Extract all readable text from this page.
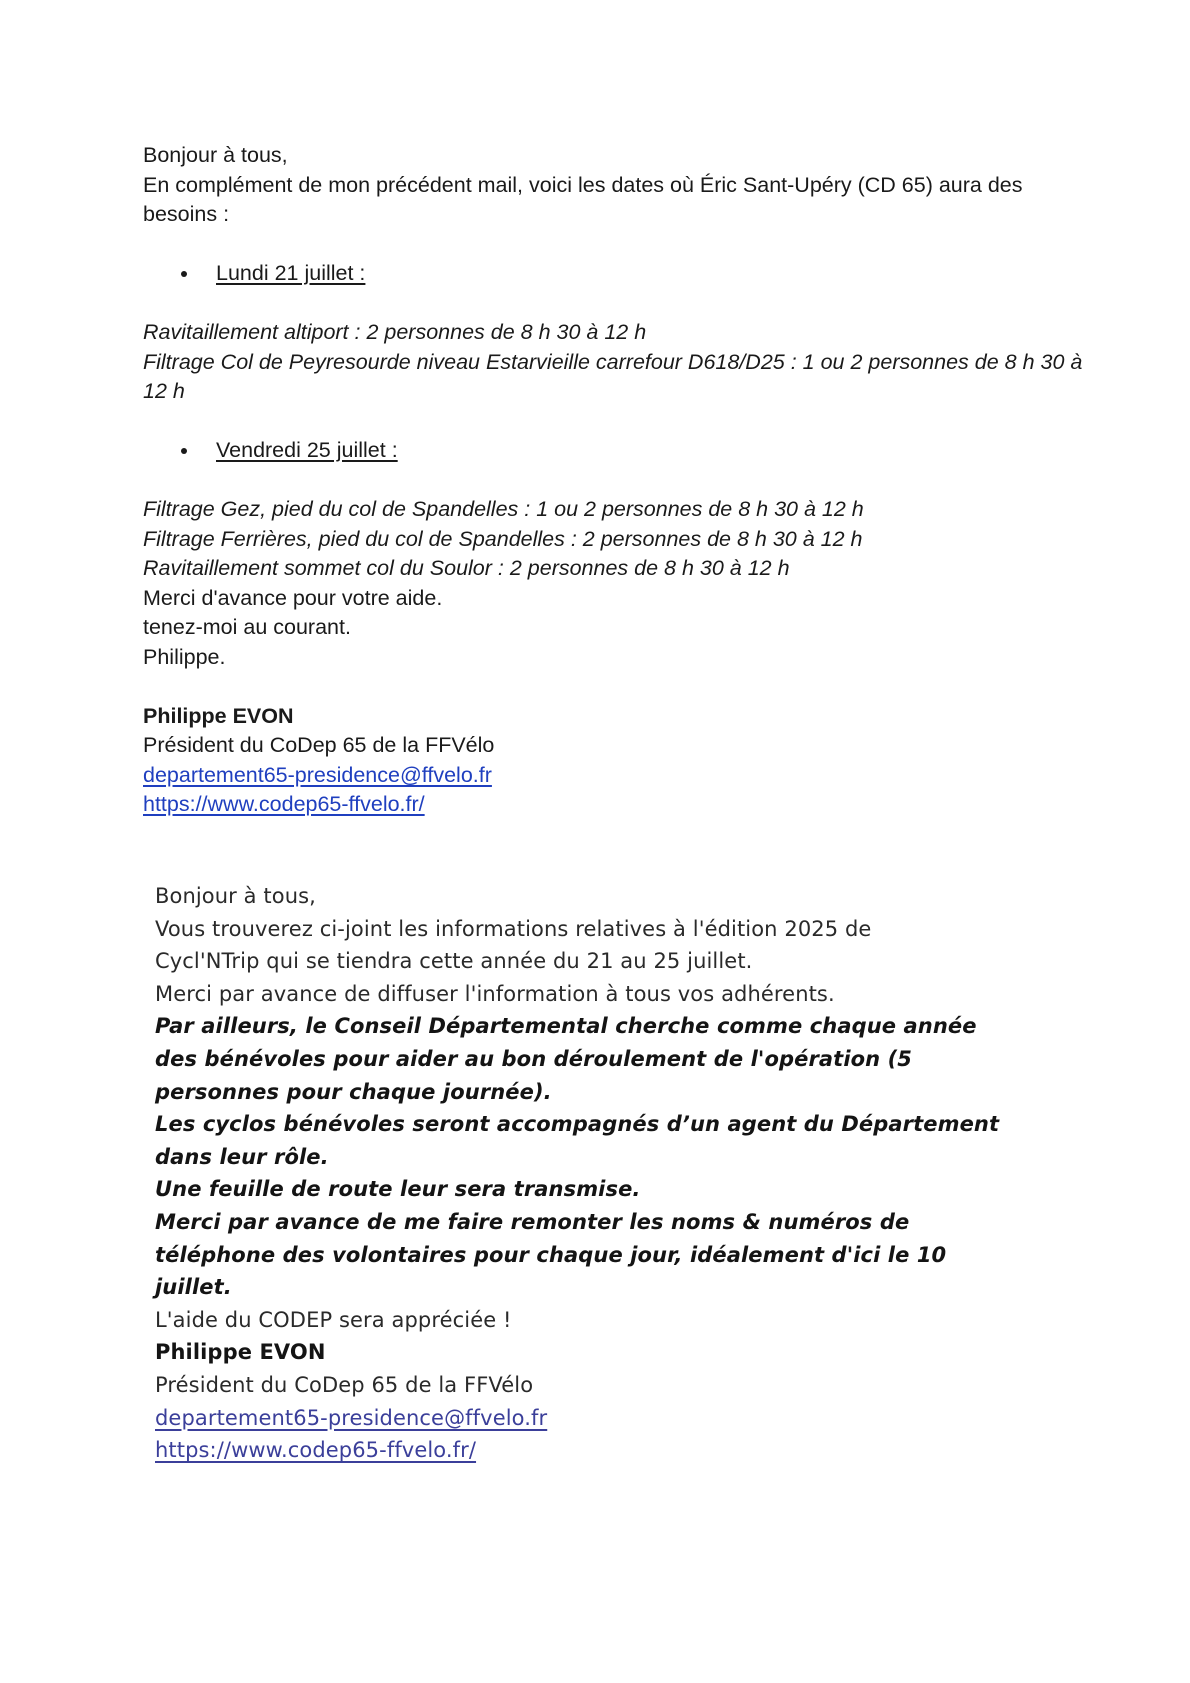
Bonjour à tous,

En complément de mon précédent mail, voici les dates où Éric Sant-Upéry (CD 65) aura des besoins :

Lundi 21 juillet :

Ravitaillement altiport : 2 personnes de 8 h 30 à 12 h

Filtrage Col de Peyresourde niveau Estarvieille carrefour D618/D25 : 1 ou 2 personnes de 8 h 30 à 12 h

Vendredi 25 juillet :

Filtrage Gez, pied du col de Spandelles : 1 ou 2 personnes de 8 h 30 à 12 h

Filtrage Ferrières, pied du col de Spandelles : 2 personnes de 8 h 30 à 12 h

Ravitaillement sommet col du Soulor : 2 personnes de 8 h 30 à 12 h

Merci d'avance pour votre aide.

tenez-moi au courant.

Philippe.

Philippe EVON

Président du CoDep 65 de la FFVélo

departement65-presidence@ffvelo.fr

https://www.codep65-ffvelo.fr/

Bonjour à tous,

Vous trouverez ci-joint les informations relatives à l'édition 2025 de

Cycl'NTrip qui se tiendra cette année du 21 au 25 juillet.

Merci par avance de diffuser l'information à tous vos adhérents.

Par ailleurs, le Conseil Départemental cherche comme chaque année

des bénévoles pour aider au bon déroulement de l'opération (5

personnes pour chaque journée).

Les cyclos bénévoles seront accompagnés d’un agent du Département

dans leur rôle.

Une feuille de route leur sera transmise.

Merci par avance de me faire remonter les noms & numéros de

téléphone des volontaires pour chaque jour, idéalement d'ici le 10

juillet.

L'aide du CODEP sera appréciée !

Philippe EVON

Président du CoDep 65 de la FFVélo

departement65-presidence@ffvelo.fr

https://www.codep65-ffvelo.fr/
